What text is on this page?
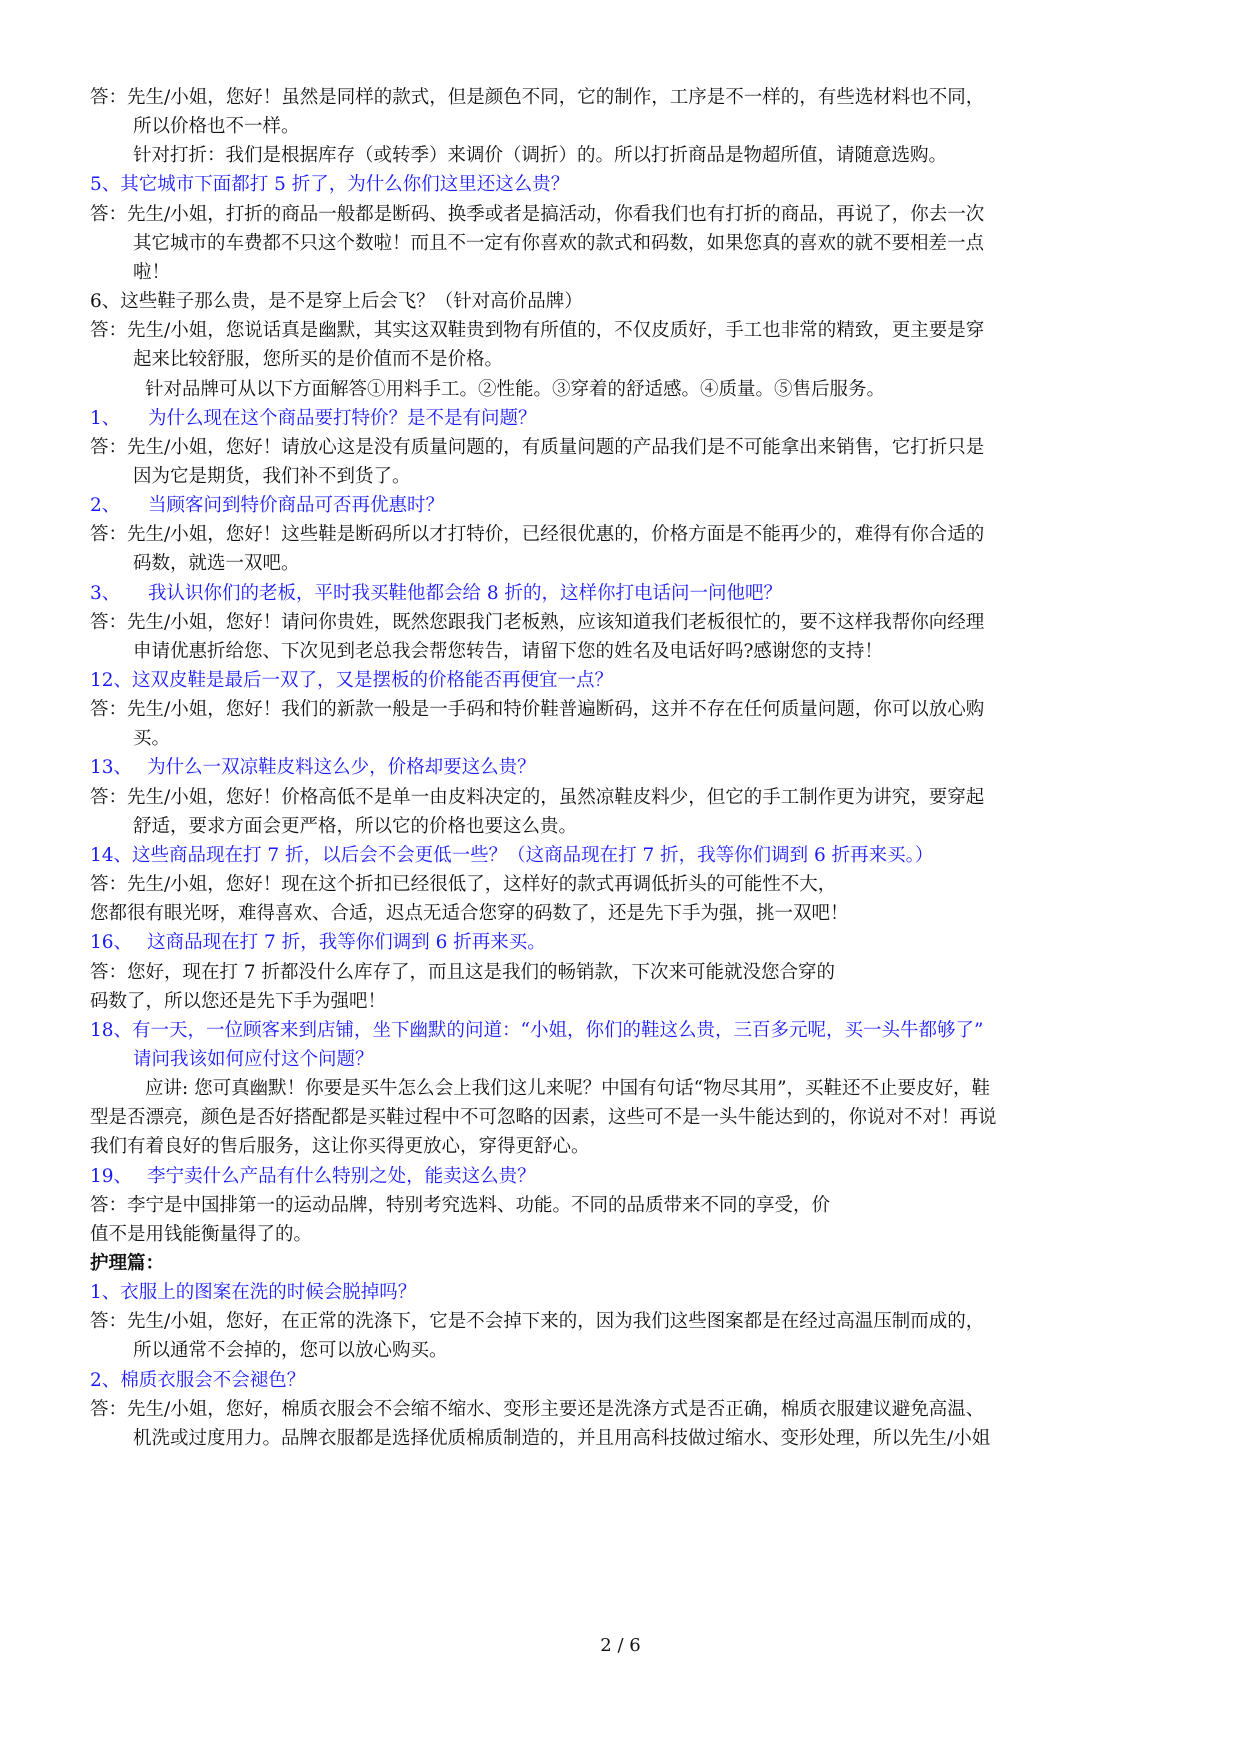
答：先生/小姐，您好！虽然是同样的款式，但是颜色不同，它的制作，工序是不一样的，有些选材料也不同，
所以价格也不一样。
针对打折：我们是根据库存（或转季）来调价（调折）的。所以打折商品是物超所值，请随意选购。
5、其它城市下面都打 5 折了，为什么你们这里还这么贵？
答：先生/小姐，打折的商品一般都是断码、换季或者是搞活动，你看我们也有打折的商品，再说了，你去一次
其它城市的车费都不只这个数啦！而且不一定有你喜欢的款式和码数，如果您真的喜欢的就不要相差一点
啦！
6、这些鞋子那么贵，是不是穿上后会飞？（针对高价品牌）
答：先生/小姐，您说话真是幽默，其实这双鞋贵到物有所值的，不仅皮质好，手工也非常的精致，更主要是穿
起来比较舒服，您所买的是价值而不是价格。
针对品牌可从以下方面解答①用料手工。②性能。③穿着的舒适感。④质量。⑤售后服务。
1、　　为什么现在这个商品要打特价？是不是有问题？
答：先生/小姐，您好！请放心这是没有质量问题的，有质量问题的产品我们是不可能拿出来销售，它打折只是
因为它是期货，我们补不到货了。
2、　　当顾客问到特价商品可否再优惠时？
答：先生/小姐，您好！这些鞋是断码所以才打特价，已经很优惠的，价格方面是不能再少的，难得有你合适的
码数，就选一双吧。
3、　　我认识你们的老板，平时我买鞋他都会给 8 折的，这样你打电话问一问他吧？
答：先生/小姐，您好！请问你贵姓，既然您跟我门老板熟，应该知道我们老板很忙的，要不这样我帮你向经理
申请优惠折给您、下次见到老总我会帮您转告，请留下您的姓名及电话好吗?感谢您的支持！
12、这双皮鞋是最后一双了，又是摆板的价格能否再便宜一点？
答：先生/小姐，您好！我们的新款一般是一手码和特价鞋普遍断码，这并不存在任何质量问题，你可以放心购
买。
13、　 为什么一双凉鞋皮料这么少，价格却要这么贵？
答：先生/小姐，您好！价格高低不是单一由皮料决定的，虽然凉鞋皮料少，但它的手工制作更为讲究，要穿起
舒适，要求方面会更严格，所以它的价格也要这么贵。
14、这些商品现在打 7 折，以后会不会更低一些？（这商品现在打 7 折，我等你们调到 6 折再来买。）
答：先生/小姐，您好！现在这个折扣已经很低了，这样好的款式再调低折头的可能性不大，
您都很有眼光呀，难得喜欢、合适，迟点无适合您穿的码数了，还是先下手为强，挑一双吧！
16、　 这商品现在打 7 折，我等你们调到 6 折再来买。
答：您好，现在打 7 折都没什么库存了，而且这是我们的畅销款，下次来可能就没您合穿的
码数了，所以您还是先下手为强吧！
18、有一天，一位顾客来到店铺，坐下幽默的问道：“小姐，你们的鞋这么贵，三百多元呢，买一头牛都够了”
请问我该如何应付这个问题？
应讲: 您可真幽默！你要是买牛怎么会上我们这儿来呢？中国有句话“物尽其用”，买鞋还不止要皮好，鞋
型是否漂亮，颜色是否好搭配都是买鞋过程中不可忽略的因素，这些可不是一头牛能达到的，你说对不对！再说
我们有着良好的售后服务，这让你买得更放心，穿得更舒心。
19、　 李宁卖什么产品有什么特别之处，能卖这么贵？
答：李宁是中国排第一的运动品牌，特别考究选料、功能。不同的品质带来不同的享受，价
值不是用钱能衡量得了的。
护理篇：
1、衣服上的图案在洗的时候会脱掉吗？
答：先生/小姐，您好，在正常的洗涤下，它是不会掉下来的，因为我们这些图案都是在经过高温压制而成的，
所以通常不会掉的，您可以放心购买。
2、棉质衣服会不会褪色？
答：先生/小姐，您好，棉质衣服会不会缩不缩水、变形主要还是洗涤方式是否正确，棉质衣服建议避免高温、
机洗或过度用力。品牌衣服都是选择优质棉质制造的，并且用高科技做过缩水、变形处理，所以先生/小姐
2 / 6
